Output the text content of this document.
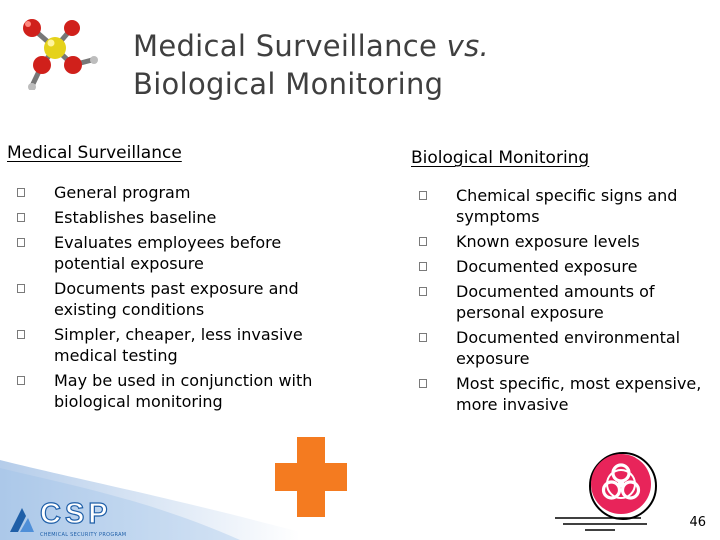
Medical Surveillance vs.
Biological Monitoring
Medical Surveillance
General program
Establishes baseline
Evaluates employees before potential exposure
Documents past exposure and existing conditions
Simpler, cheaper, less invasive medical testing
May be used in conjunction with biological monitoring
Biological Monitoring
Chemical specific signs and symptoms
Known exposure levels
Documented exposure
Documented amounts of personal exposure
Documented environmental exposure
Most specific, most expensive, more invasive
CSP
CHEMICAL SECURITY PROGRAM
46
